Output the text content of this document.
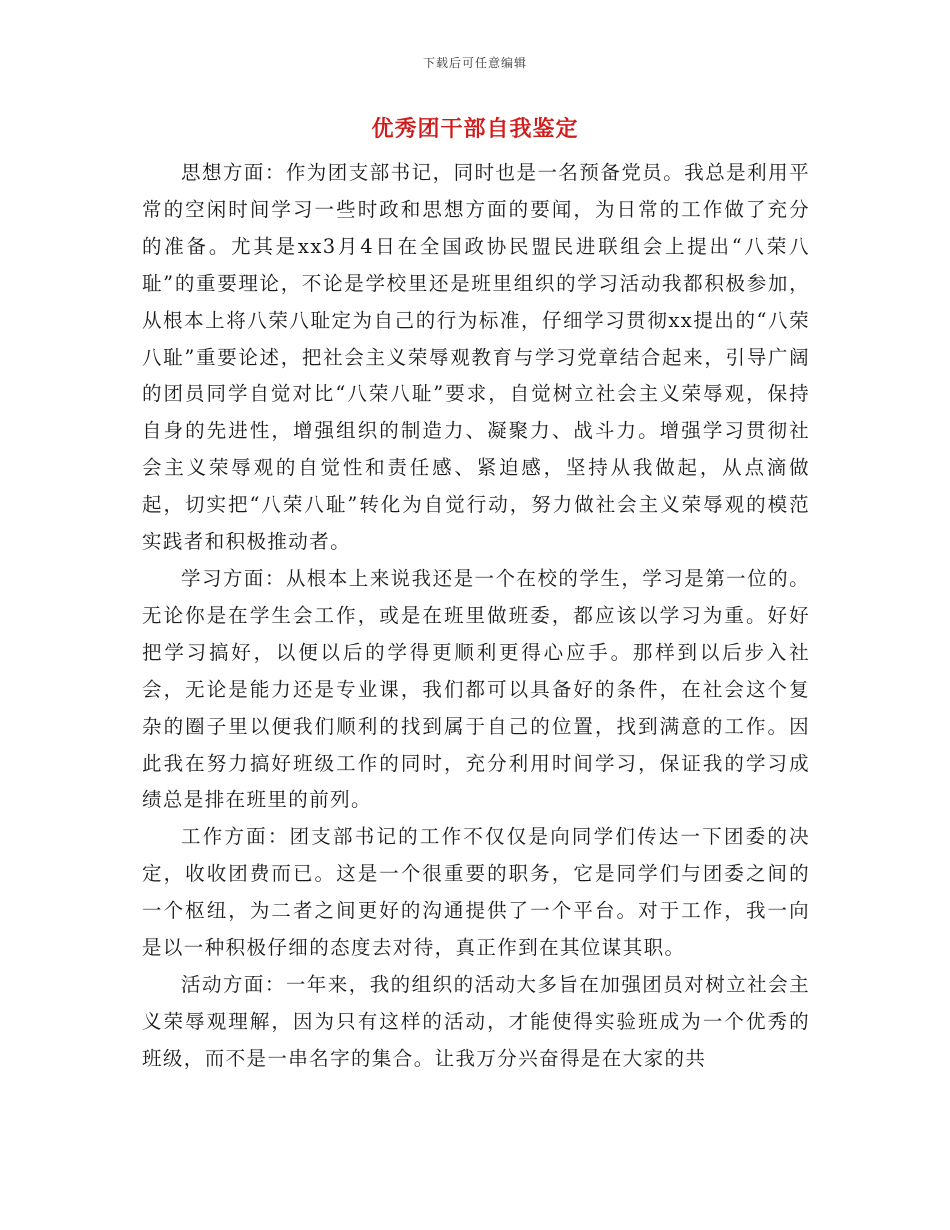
下载后可任意编辑
优秀团干部自我鉴定

思想方面：作为团支部书记，同时也是一名预备党员。我总是利用平常的空闲时间学习一些时政和思想方面的要闻，为日常的工作做了充分的准备。尤其是xx3月4日在全国政协民盟民进联组会上提出“八荣八耻”的重要理论，不论是学校里还是班里组织的学习活动我都积极参加，从根本上将八荣八耻定为自己的行为标准，仔细学习贯彻xx提出的“八荣八耻”重要论述，把社会主义荣辱观教育与学习党章结合起来，引导广阔的团员同学自觉对比“八荣八耻”要求，自觉树立社会主义荣辱观，保持自身的先进性，增强组织的制造力、凝聚力、战斗力。增强学习贯彻社会主义荣辱观的自觉性和责任感、紧迫感，坚持从我做起，从点滴做起，切实把“八荣八耻”转化为自觉行动，努力做社会主义荣辱观的模范实践者和积极推动者。

学习方面：从根本上来说我还是一个在校的学生，学习是第一位的。无论你是在学生会工作，或是在班里做班委，都应该以学习为重。好好把学习搞好，以便以后的学得更顺利更得心应手。那样到以后步入社会，无论是能力还是专业课，我们都可以具备好的条件，在社会这个复杂的圈子里以便我们顺利的找到属于自己的位置，找到满意的工作。因此我在努力搞好班级工作的同时，充分利用时间学习，保证我的学习成绩总是排在班里的前列。

工作方面：团支部书记的工作不仅仅是向同学们传达一下团委的决定，收收团费而已。这是一个很重要的职务，它是同学们与团委之间的一个枢纽，为二者之间更好的沟通提供了一个平台。对于工作，我一向是以一种积极仔细的态度去对待，真正作到在其位谋其职。

活动方面：一年来，我的组织的活动大多旨在加强团员对树立社会主义荣辱观理解，因为只有这样的活动，才能使得实验班成为一个优秀的班级，而不是一串名字的集合。让我万分兴奋得是在大家的共
